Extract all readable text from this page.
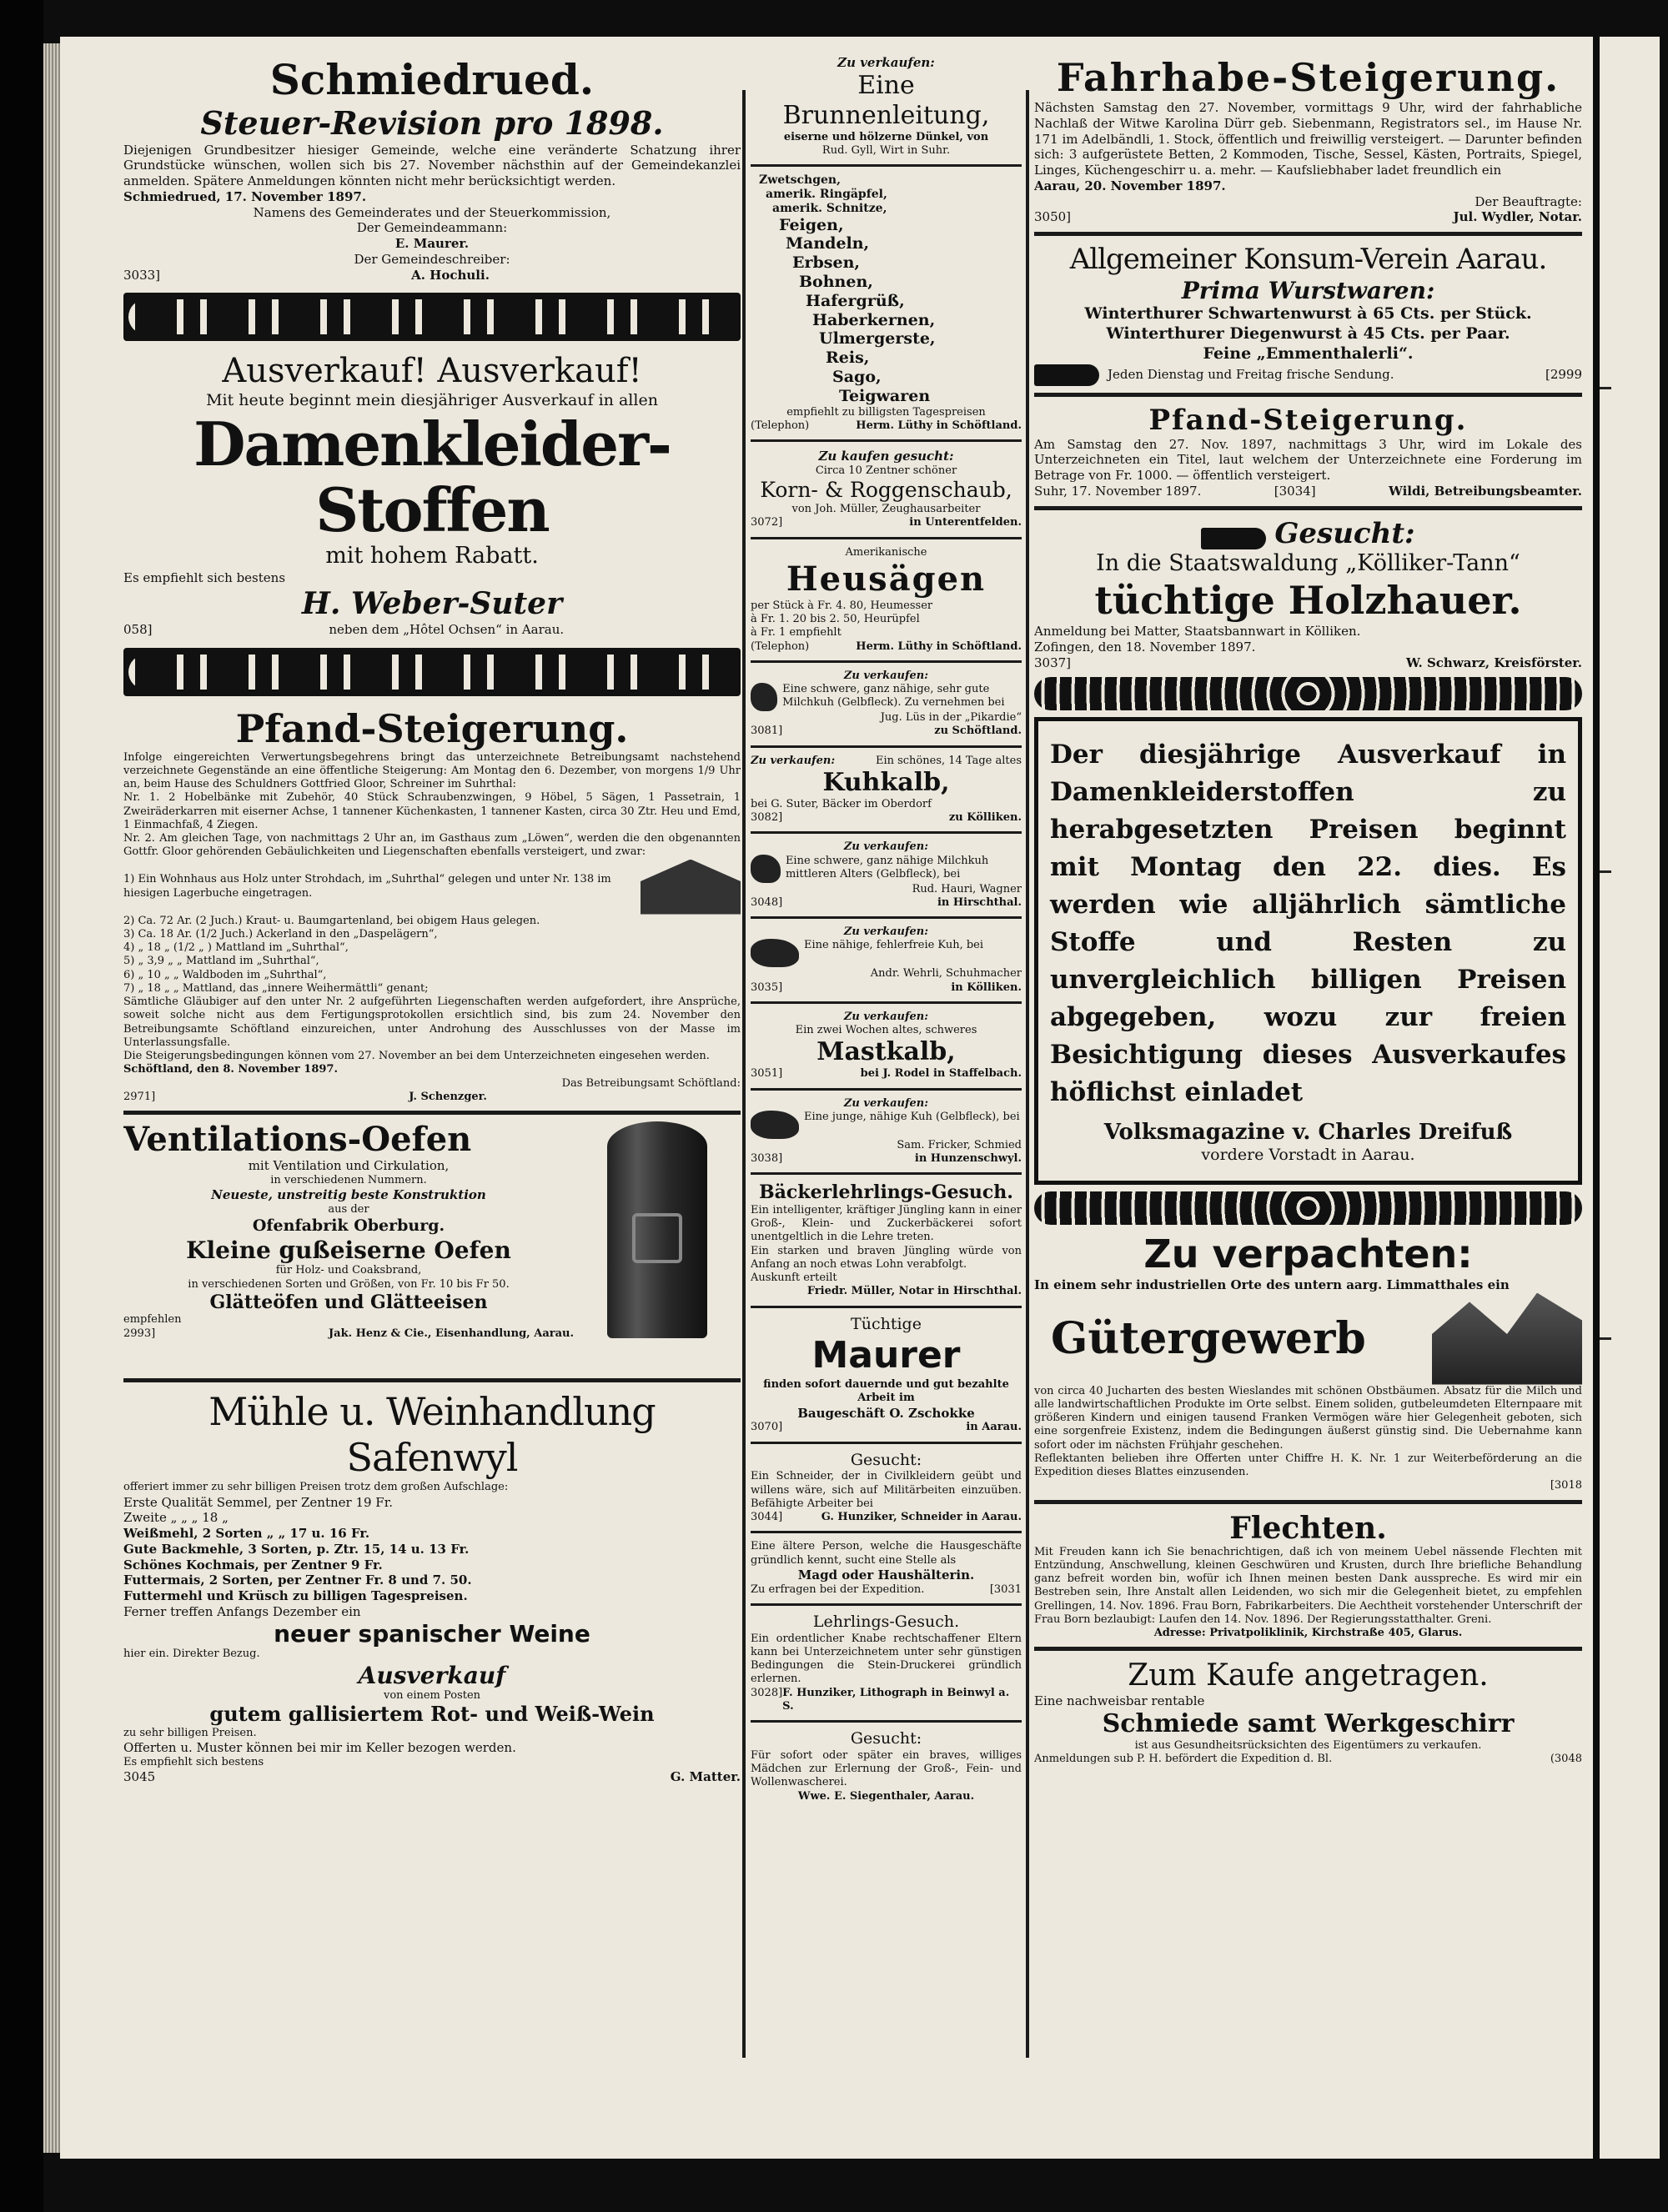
Schmiedrued.
Steuer-Revision pro 1898.
Diejenigen Grundbesitzer hiesiger Gemeinde, welche eine veränderte Schatzung ihrer Grundstücke wünschen, wollen sich bis 27. November nächsthin auf der Gemeindekanzlei anmelden. Spätere Anmeldungen könnten nicht mehr berücksichtigt werden.
Schmiedrued, 17. November 1897.
Namens des Gemeinderates und der Steuerkommission,
Der Gemeindeammann:
E. Maurer.
Der Gemeindeschreiber:
3033]	A. Hochuli.
Ausverkauf! Ausverkauf!
Mit heute beginnt mein diesjähriger Ausverkauf in allen
Damenkleider-Stoffen
mit hohem Rabatt.
Es empfiehlt sich bestens
H. Weber-Suter
058]	neben dem „Hôtel Ochsen“ in Aarau.
Pfand-Steigerung.
Infolge eingereichten Verwertungsbegehrens bringt das unterzeichnete Betreibungsamt nachstehend verzeichnete Gegenstände an eine öffentliche Steigerung: Am Montag den 6. Dezember, von morgens 1/9 Uhr an, beim Hause des Schuldners Gottfried Gloor, Schreiner im Suhrthal:
Nr. 1. 2 Hobelbänke mit Zubehör, 40 Stück Schraubenzwingen, 9 Höbel, 5 Sägen, 1 Passetrain, 1 Zweiräderkarren mit eiserner Achse, 1 tannener Küchenkasten, 1 tannener Kasten, circa 30 Ztr. Heu und Emd, 1 Einmachfaß, 4 Ziegen.
Nr. 2. Am gleichen Tage, von nachmittags 2 Uhr an, im Gasthaus zum „Löwen“, werden die den obgenannten Gottfr. Gloor gehörenden Gebäulichkeiten und Liegenschaften ebenfalls versteigert, und zwar:
1) Ein Wohnhaus aus Holz unter Strohdach, im „Suhrthal“ gelegen und unter Nr. 138 im hiesigen Lagerbuche eingetragen.
2) Ca. 72 Ar. (2 Juch.) Kraut- u. Baumgartenland, bei obigem Haus gelegen.
3) Ca. 18 Ar. (1/2 Juch.) Ackerland in den „Daspelägern“,
4) „ 18 „ (1/2 „ ) Mattland im „Suhrthal“,
5) „ 3,9 „ „ Mattland im „Suhrthal“,
6) „ 10 „ „ Waldboden im „Suhrthal“,
7) „ 18 „ „ Mattland, das „innere Weihermättli“ genant;
Sämtliche Gläubiger auf den unter Nr. 2 aufgeführten Liegenschaften werden aufgefordert, ihre Ansprüche, soweit solche nicht aus dem Fertigungsprotokollen ersichtlich sind, bis zum 24. November den Betreibungsamte Schöftland einzureichen, unter Androhung des Ausschlusses von der Masse im Unterlassungsfalle.
Die Steigerungsbedingungen können vom 27. November an bei dem Unterzeichneten eingesehen werden.
Schöftland, den 8. November 1897.
Das Betreibungsamt Schöftland:
2971]	J. Schenzger.
Ventilations-Oefen
mit Ventilation und Cirkulation,
in verschiedenen Nummern.
Neueste, unstreitig beste Konstruktion
aus der
Ofenfabrik Oberburg.
Kleine gußeiserne Oefen
für Holz- und Coaksbrand,
in verschiedenen Sorten und Größen, von Fr. 10 bis Fr 50.
Glätteöfen und Glätteeisen
empfehlen
2993]	Jak. Henz & Cie., Eisenhandlung, Aarau.
Mühle u. Weinhandlung Safenwyl
offeriert immer zu sehr billigen Preisen trotz dem großen Aufschlage:
Erste Qualität Semmel, per Zentner 19 Fr.
Zweite „ „ „ 18 „
Weißmehl, 2 Sorten „ „ 17 u. 16 Fr.
Gute Backmehle, 3 Sorten, p. Ztr. 15, 14 u. 13 Fr.
Schönes Kochmais, per Zentner 9 Fr.
Futtermais, 2 Sorten, per Zentner Fr. 8 und 7. 50.
Futtermehl und Krüsch zu billigen Tagespreisen.
Ferner treffen Anfangs Dezember ein
neuer spanischer Weine
hier ein. Direkter Bezug.
Ausverkauf
von einem Posten
gutem gallisiertem Rot- und Weiß-Wein
zu sehr billigen Preisen.
Offerten u. Muster können bei mir im Keller bezogen werden.
Es empfiehlt sich bestens
3045	G. Matter.
Zu verkaufen:
Eine Brunnenleitung,
eiserne und hölzerne Dünkel, von
Rud. Gyll, Wirt in Suhr.
Zwetschgen,
amerik. Ringäpfel,
amerik. Schnitze,
Feigen,
Mandeln,
Erbsen,
Bohnen,
Hafergrüß,
Haberkernen,
Ulmergerste,
Reis,
Sago,
Teigwaren
empfiehlt zu billigsten Tagespreisen
(Telephon)	Herm. Lüthy in Schöftland.
Zu kaufen gesucht:
Circa 10 Zentner schöner
Korn- & Roggenschaub,
von Joh. Müller, Zeughausarbeiter
3072]	in Unterentfelden.
Amerikanische
Heusägen
per Stück à Fr. 4. 80, Heumesser
à Fr. 1. 20 bis 2. 50, Heurüpfel
à Fr. 1 empfiehlt
(Telephon)	Herm. Lüthy in Schöftland.
Zu verkaufen:
Eine schwere, ganz nähige, sehr gute Milchkuh (Gelbfleck). Zu vernehmen bei
Jug. Lüs in der „Pikardie“
3081]	zu Schöftland.
Zu verkaufen:	Ein schönes, 14 Tage altes
Kuhkalb,
bei G. Suter, Bäcker im Oberdorf
3082]	zu Kölliken.
Zu verkaufen:
Eine schwere, ganz nähige Milchkuh mittleren Alters (Gelbfleck), bei
Rud. Hauri, Wagner
3048]	in Hirschthal.
Zu verkaufen:
Eine nähige, fehlerfreie Kuh, bei
Andr. Wehrli, Schuhmacher
3035]	in Kölliken.
Zu verkaufen:
Ein zwei Wochen altes, schweres
Mastkalb,
3051]	bei J. Rodel in Staffelbach.
Zu verkaufen:
Eine junge, nähige Kuh (Gelbfleck), bei
Sam. Fricker, Schmied
3038]	in Hunzenschwyl.
Bäckerlehrlings-Gesuch.
Ein intelligenter, kräftiger Jüngling kann in einer Groß-, Klein- und Zuckerbäckerei sofort unentgeltlich in die Lehre treten.
Ein starken und braven Jüngling würde von Anfang an noch etwas Lohn verabfolgt.
Auskunft erteilt
Friedr. Müller, Notar in Hirschthal.
Tüchtige
Maurer
finden sofort dauernde und gut bezahlte Arbeit im
Baugeschäft O. Zschokke
3070]	in Aarau.
Gesucht:
Ein Schneider, der in Civilkleidern geübt und willens wäre, sich auf Militärbeiten einzuüben. Befähigte Arbeiter bei
3044]	G. Hunziker, Schneider in Aarau.
Eine ältere Person, welche die Hausgeschäfte gründlich kennt, sucht eine Stelle als
Magd oder Haushälterin.
Zu erfragen bei der Expedition.	[3031
Lehrlings-Gesuch.
Ein ordentlicher Knabe rechtschaffener Eltern kann bei Unterzeichnetem unter sehr günstigen Bedingungen die Stein-Druckerei gründlich erlernen.
3028] F. Hunziker, Lithograph in Beinwyl a. S.
Gesucht:
Für sofort oder später ein braves, williges Mädchen zur Erlernung der Groß-, Fein- und Wollenwascherei.
Wwe. E. Siegenthaler, Aarau.
Fahrhabe-Steigerung.
Nächsten Samstag den 27. November, vormittags 9 Uhr, wird der fahrhabliche Nachlaß der Witwe Karolina Dürr geb. Siebenmann, Registrators sel., im Hause Nr. 171 im Adelbändli, 1. Stock, öffentlich und freiwillig versteigert. — Darunter befinden sich: 3 aufgerüstete Betten, 2 Kommoden, Tische, Sessel, Kästen, Portraits, Spiegel, Linges, Küchengeschirr u. a. mehr. — Kaufsliebhaber ladet freundlich ein
Aarau, 20. November 1897.
Der Beauftragte:
3050]	Jul. Wydler, Notar.
Allgemeiner Konsum-Verein Aarau.
Prima Wurstwaren:
Winterthurer Schwartenwurst à 65 Cts. per Stück.
Winterthurer Diegenwurst à 45 Cts. per Paar.
Feine „Emmenthalerli“.
Jeden Dienstag und Freitag frische Sendung.	[2999
Pfand-Steigerung.
Am Samstag den 27. Nov. 1897, nachmittags 3 Uhr, wird im Lokale des Unterzeichneten ein Titel, laut welchem der Unterzeichnete eine Forderung im Betrage von Fr. 1000. — öffentlich versteigert.
Suhr, 17. November 1897.	[3034]	Wildi, Betreibungsbeamter.
Gesucht:
In die Staatswaldung „Kölliker-Tann“
tüchtige Holzhauer.
Anmeldung bei Matter, Staatsbannwart in Kölliken.
Zofingen, den 18. November 1897.
3037]	W. Schwarz, Kreisförster.
Der diesjährige Ausverkauf in Damenkleiderstoffen zu herabgesetzten Preisen beginnt mit Montag den 22. dies. Es werden wie alljährlich sämtliche Stoffe und Resten zu unvergleichlich billigen Preisen abgegeben, wozu zur freien Besichtigung dieses Ausverkaufes höflichst einladet
Volksmagazine v. Charles Dreifuß
vordere Vorstadt in Aarau.
Zu verpachten:
In einem sehr industriellen Orte des untern aarg. Limmatthales ein
Gütergewerb
von circa 40 Jucharten des besten Wieslandes mit schönen Obstbäumen. Absatz für die Milch und alle landwirtschaftlichen Produkte im Orte selbst. Einem soliden, gutbeleumdeten Elternpaare mit größeren Kindern und einigen tausend Franken Vermögen wäre hier Gelegenheit geboten, sich eine sorgenfreie Existenz, indem die Bedingungen äußerst günstig sind. Die Uebernahme kann sofort oder im nächsten Frühjahr geschehen.
Reflektanten belieben ihre Offerten unter Chiffre H. K. Nr. 1 zur Weiterbeförderung an die Expedition dieses Blattes einzusenden.
[3018
Flechten.
Mit Freuden kann ich Sie benachrichtigen, daß ich von meinem Uebel nässende Flechten mit Entzündung, Anschwellung, kleinen Geschwüren und Krusten, durch Ihre briefliche Behandlung ganz befreit worden bin, wofür ich Ihnen meinen besten Dank ausspreche. Es wird mir ein Bestreben sein, Ihre Anstalt allen Leidenden, wo sich mir die Gelegenheit bietet, zu empfehlen Grellingen, 14. Nov. 1896. Frau Born, Fabrikarbeiters. Die Aechtheit vorstehender Unterschrift der Frau Born bezlaubigt: Laufen den 14. Nov. 1896. Der Regierungsstatthalter. Greni.
Adresse: Privatpoliklinik, Kirchstraße 405, Glarus.
Zum Kaufe angetragen.
Eine nachweisbar rentable
Schmiede samt Werkgeschirr
ist aus Gesundheitsrücksichten des Eigentümers zu verkaufen.
Anmeldungen sub P. H. befördert die Expedition d. Bl.	(3048
